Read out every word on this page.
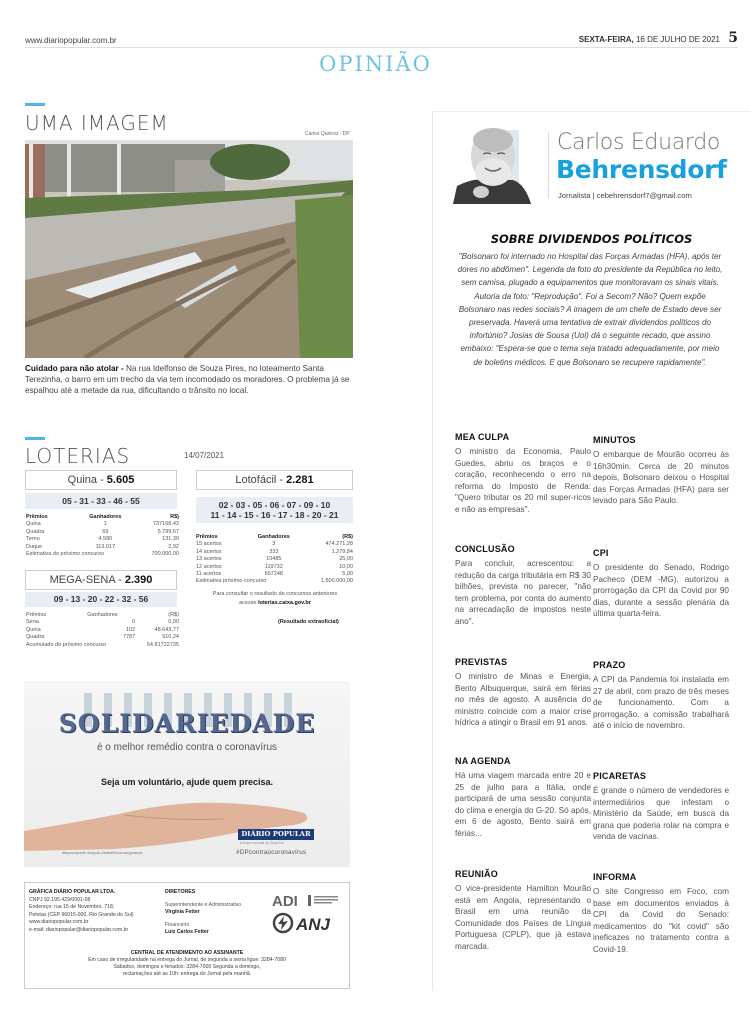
www.diariopopular.com.br	SEXTA-FEIRA, 16 DE JULHO DE 2021 5
OPINIÃO
UMA IMAGEM	Carlos Queiroz - DP
Cuidado para não atolar - Na rua Idelfonso de Souza Pires, no loteamento Santa Terezinha, o barro em um trecho da via tem incomodado os moradores. O problema já se espalhou até a metade da rua, dificultando o trânsito no local.
LOTERIAS	14/07/2021
Quina - 5.605
05 - 31 - 33 - 46 - 55
Prêmios	Ganhadores	R$)
Quina	1	737168,42
Quadra	69	5.799,67
Terno	4.580	131,39
Duque	113.017	2,92
Estimativa do próximo concurso		700.000,00
MEGA-SENA - 2.390
09 - 13 - 20 - 22 - 32 - 56
Prêmios	Ganhadores	(R$)
Sena	0	0,00
Quina	102	48.643,77
Quadra	7787	910,24
Acumulado do próximo concurso		64.81722735
Lotofácil - 2.281
02 - 03 - 05 - 06 - 07 - 09 - 10
11 - 14 - 15 - 16 - 17 - 18 - 20 - 21
Prêmios	Ganhadores	(R$)
15 acertos	3	474.271,28
14 acertos	333	1.279,84
13 acertos	10485	25,00
12 acertos	119732	10,00
11 acertos	657248	5,00
Estimativa próximo concurso		1.500.000,00
Para consultar o resultado de concursos anteriores
acesse loterias.caixa.gov.br
(Resultado extraoficial)
SOLIDARIEDADE
é o melhor remédio contra o coronavírus
Seja um voluntário, ajude quem precisa.
#façasuaparte #sejudo #trabalhecomsegurança
DIÁRIO POPULAR
A força comunal do Zona Sul
#DPcontraocoronavírus
GRÁFICA DIÁRIO POPULAR LTDA.
CNPJ 92.195.429/0001-08
Endereço: rua 15 de Novembro, 718,
Pelotas (CEP 96015-000, Rio Grande do Sul)
www.diariopopular.com.br
e-mail: diariopopular@diariopopular.com.br
DIRETORES
Superintendente e Administrativo
Virgínia Fetter
Financeiro
Luiz Carlos Fetter
ADI
ANJ
CENTRAL DE ATENDIMENTO AO ASSINANTE
Em caso de irregularidade na entrega do Jornal, de segunda a sexta ligue: 3284-7080
Sábados, domingos e feriados: 3284-7000 Segunda a domingo,
reclamações até as 10h: entrega do Jornal pela manhã.
Carlos Eduardo
Behrensdorf
Jornalista | cebehrensdorf7@gmail.com
SOBRE DIVIDENDOS POLÍTICOS
"Bolsonaro foi internado no Hospital das Forças Armadas (HFA), após ter dores no abdômen". Legenda da foto do presidente da República no leito, sem camisa, plugado a equipamentos que monitoravam os sinais vitais. Autoria da foto: "Reprodução". Foi a Secom? Não? Quem expõe Bolsonaro nas redes sociais? A imagem de um chefe de Estado deve ser preservada. Haverá uma tentativa de extrair dividendos políticos do infortúnio? Josias de Sousa (Uol) dá o seguinte recado, que assino embaixo: "Espera-se que o tema seja tratado adequadamente, por meio de boletins médicos. E que Bolsonaro se recupere rapidamente".
MEA CULPA

O ministro da Economia, Paulo Guedes, abriu os braços e o coração, reconhecendo o erro na reforma do Imposto de Renda: "Quero tributar os 20 mil super-ricos e não as empresas".

CONCLUSÃO

Para concluir, acrescentou: a redução da carga tributária em R$ 30 bilhões, prevista no parecer, "não tem problema, por conta do aumento na arrecadação de impostos neste ano".

PREVISTAS

O ministro de Minas e Energia, Bento Albuquerque, sairá em férias no mês de agosto. A ausência do ministro coincide com a maior crise hídrica a atingir o Brasil em 91 anos.

NA AGENDA

Há uma viagem marcada entre 20 e 25 de julho para a Itália, onde participará de uma sessão conjunta do clima e energia do G-20. Só após, em 6 de agosto, Bento sairá em férias...

REUNIÃO

O vice-presidente Hamilton Mourão está em Angola, representando o Brasil em uma reunião da Comunidade dos Países de Língua Portuguesa (CPLP), que já estava marcada.

MINUTOS

O embarque de Mourão ocorreu às 16h30min. Cerca de 20 minutos depois, Bolsonaro deixou o Hospital das Forças Armadas (HFA) para ser levado para São Paulo.

CPI

O presidente do Senado, Rodrigo Pacheco (DEM -MG), autorizou a prorrogação da CPI da Covid por 90 dias, durante a sessão plenária da última quarta-feira.

PRAZO

A CPI da Pandemia foi instalada em 27 de abril, com prazo de três meses de funcionamento. Com a prorrogação, a comissão trabalhará até o início de novembro.

PICARETAS

É grande o número de vendedores e intermediários que infestam o Ministério da Saúde, em busca da grana que poderia rolar na compra e venda de vacinas.

INFORMA

O site Congresso em Foco, com base em documentos enviados à CPI da Covid do Senado: medicamentos do "kit covid" são ineficazes no tratamento contra a Covid-19.
